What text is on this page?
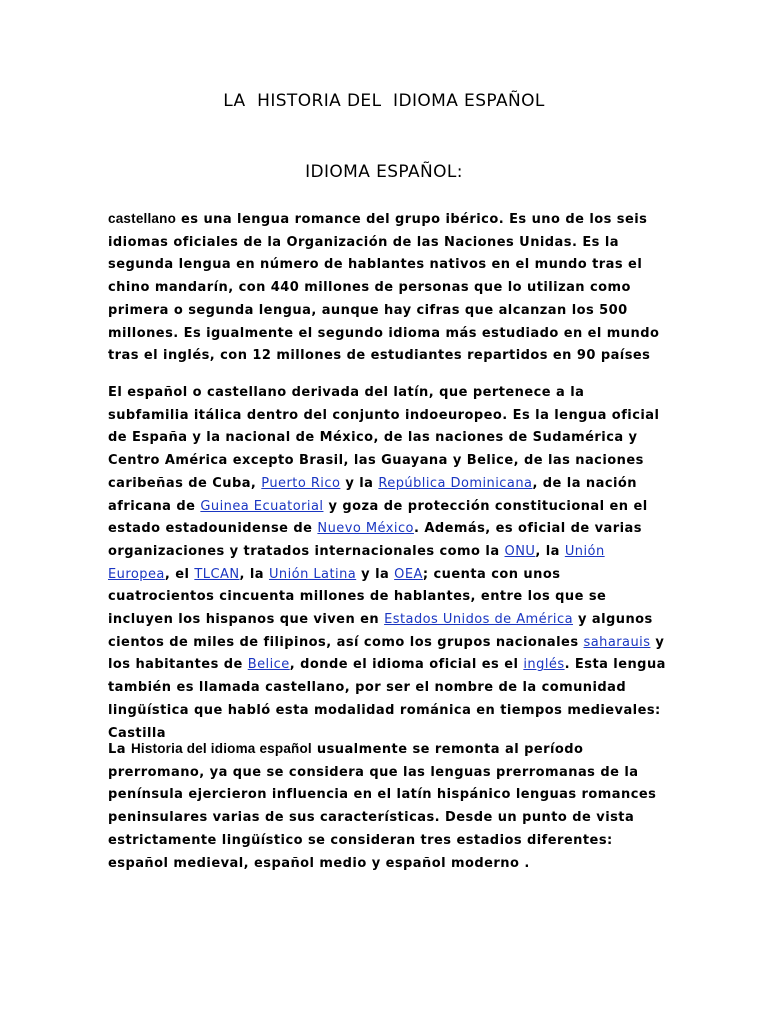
LA  HISTORIA DEL  IDIOMA ESPAÑOL
IDIOMA ESPAÑOL:

castellano es una lengua romance del grupo ibérico. Es uno de los seis idiomas oficiales de la Organización de las Naciones Unidas. Es la segunda lengua en número de hablantes nativos en el mundo tras el chino mandarín, con 440 millones de personas que lo utilizan como primera o segunda lengua, aunque hay cifras que alcanzan los 500 millones. Es igualmente el segundo idioma más estudiado en el mundo tras el inglés, con 12 millones de estudiantes repartidos en 90 países

El español o castellano derivada del latín, que pertenece a la subfamilia itálica dentro del conjunto indoeuropeo. Es la lengua oficial de España y la nacional de México, de las naciones de Sudamérica y Centro América excepto Brasil, las Guayana y Belice, de las naciones caribeñas de Cuba, Puerto Rico y la República Dominicana, de la nación africana de Guinea Ecuatorial y goza de protección constitucional en el estado estadounidense de Nuevo México. Además, es oficial de varias organizaciones y tratados internacionales como la ONU, la Unión Europea, el TLCAN, la Unión Latina y la OEA; cuenta con unos cuatrocientos cincuenta millones de hablantes, entre los que se incluyen los hispanos que viven en Estados Unidos de América y algunos cientos de miles de filipinos, así como los grupos nacionales saharauis y los habitantes de Belice, donde el idioma oficial es el inglés. Esta lengua también es llamada castellano, por ser el nombre de la comunidad lingüística que habló esta modalidad románica en tiempos medievales: Castilla

La Historia del idioma español usualmente se remonta al período prerromano, ya que se considera que las lenguas prerromanas de la península ejercieron influencia en el latín hispánico lenguas romances peninsulares varias de sus características. Desde un punto de vista estrictamente lingüístico se consideran tres estadios diferentes: español medieval, español medio y español moderno .
